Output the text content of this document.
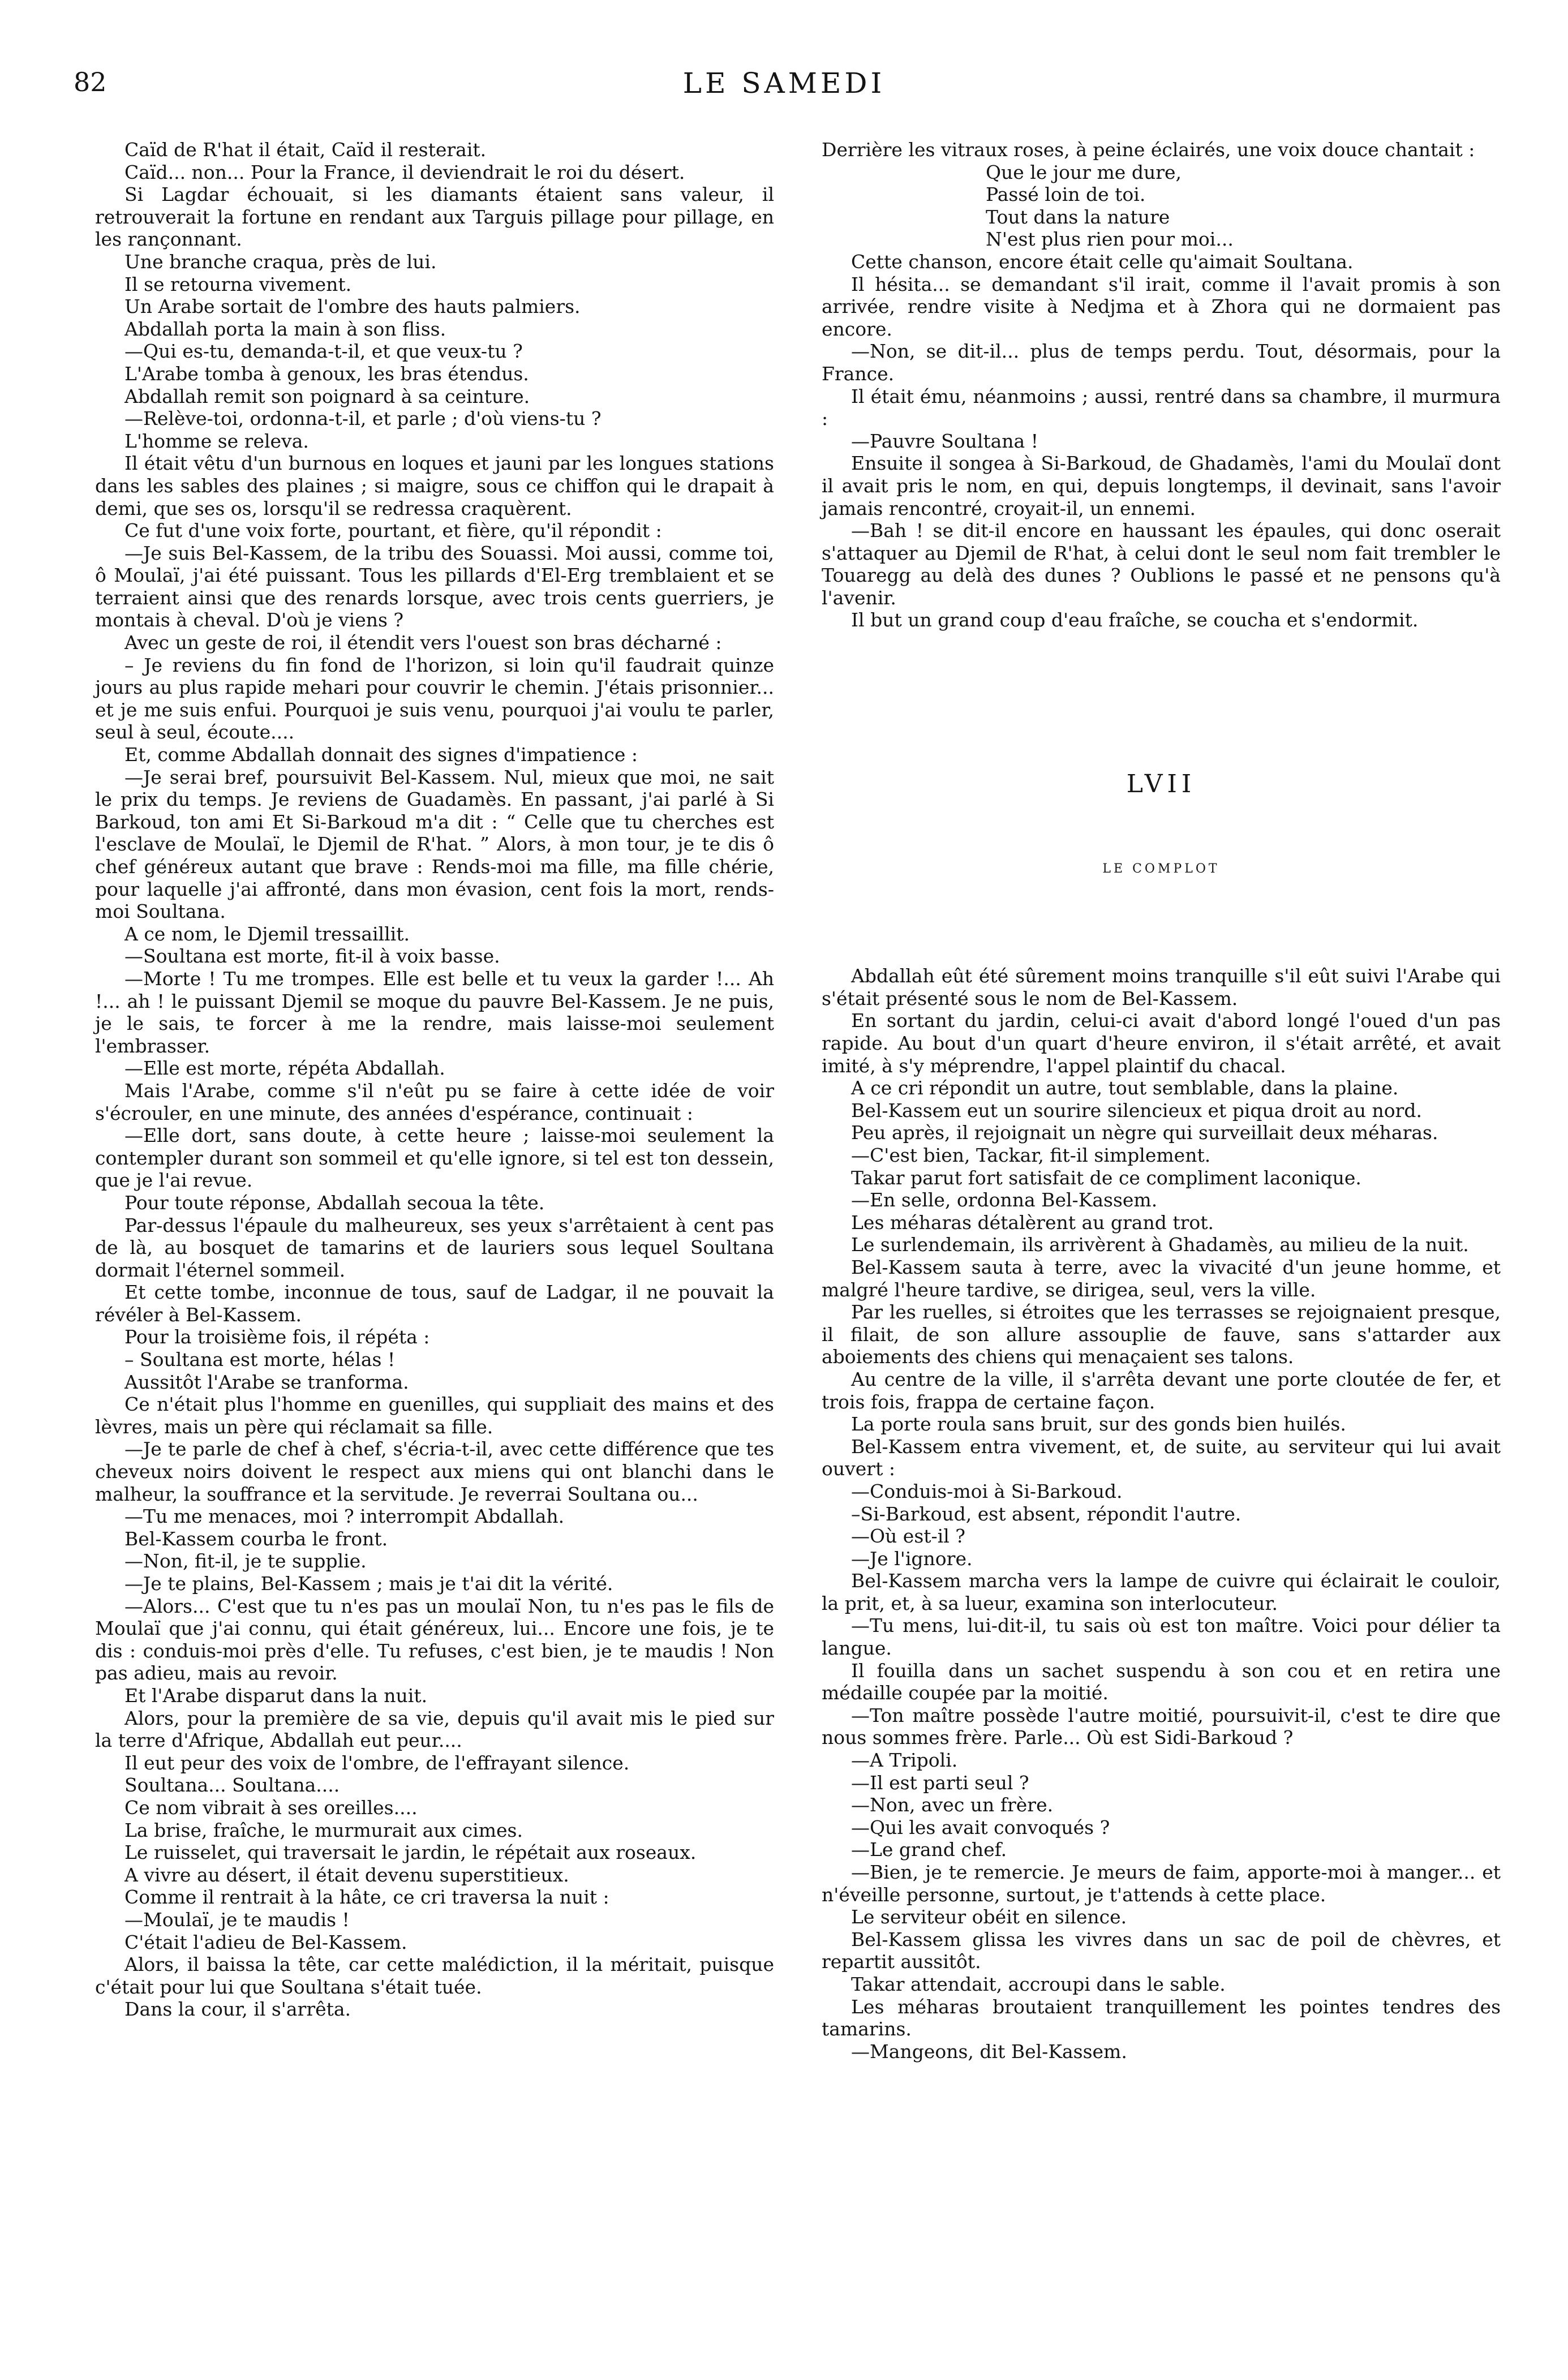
82	LE SAMEDI

Caïd de R'hat il était, Caïd il resterait.

Caïd... non... Pour la France, il deviendrait le roi du désert.

Si Lagdar échouait, si les diamants étaient sans valeur, il retrouverait la fortune en rendant aux Targuis pillage pour pillage, en les rançonnant.

Une branche craqua, près de lui.

Il se retourna vivement.

Un Arabe sortait de l'ombre des hauts palmiers.

Abdallah porta la main à son fliss.

—Qui es-tu, demanda-t-il, et que veux-tu ?

L'Arabe tomba à genoux, les bras étendus.

Abdallah remit son poignard à sa ceinture.

—Relève-toi, ordonna-t-il, et parle ; d'où viens-tu ?

L'homme se releva.

Il était vêtu d'un burnous en loques et jauni par les longues stations dans les sables des plaines ; si maigre, sous ce chiffon qui le drapait à demi, que ses os, lorsqu'il se redressa craquèrent.

Ce fut d'une voix forte, pourtant, et fière, qu'il répondit :

—Je suis Bel-Kassem, de la tribu des Souassi. Moi aussi, comme toi, ô Moulaï, j'ai été puissant. Tous les pillards d'El-Erg tremblaient et se terraient ainsi que des renards lorsque, avec trois cents guerriers, je montais à cheval. D'où je viens ?

Avec un geste de roi, il étendit vers l'ouest son bras décharné :

– Je reviens du fin fond de l'horizon, si loin qu'il faudrait quinze jours au plus rapide mehari pour couvrir le chemin. J'étais prisonnier... et je me suis enfui. Pourquoi je suis venu, pourquoi j'ai voulu te parler, seul à seul, écoute....

Et, comme Abdallah donnait des signes d'impatience :

—Je serai bref, poursuivit Bel-Kassem. Nul, mieux que moi, ne sait le prix du temps. Je reviens de Guadamès. En passant, j'ai parlé à Si Barkoud, ton ami Et Si-Barkoud m'a dit : “ Celle que tu cherches est l'esclave de Moulaï, le Djemil de R'hat. ” Alors, à mon tour, je te dis ô chef généreux autant que brave : Rends-moi ma fille, ma fille chérie, pour laquelle j'ai affronté, dans mon évasion, cent fois la mort, rends-moi Soultana.

A ce nom, le Djemil tressaillit.

—Soultana est morte, fit-il à voix basse.

—Morte ! Tu me trompes. Elle est belle et tu veux la garder !... Ah !... ah ! le puissant Djemil se moque du pauvre Bel-Kassem. Je ne puis, je le sais, te forcer à me la rendre, mais laisse-moi seulement l'embrasser.

—Elle est morte, répéta Abdallah.

Mais l'Arabe, comme s'il n'eût pu se faire à cette idée de voir s'écrouler, en une minute, des années d'espérance, continuait :

—Elle dort, sans doute, à cette heure ; laisse-moi seulement la contempler durant son sommeil et qu'elle ignore, si tel est ton dessein, que je l'ai revue.

Pour toute réponse, Abdallah secoua la tête.

Par-dessus l'épaule du malheureux, ses yeux s'arrêtaient à cent pas de là, au bosquet de tamarins et de lauriers sous lequel Soultana dormait l'éternel sommeil.

Et cette tombe, inconnue de tous, sauf de Ladgar, il ne pouvait la révéler à Bel-Kassem.

Pour la troisième fois, il répéta :

– Soultana est morte, hélas !

Aussitôt l'Arabe se tranforma.

Ce n'était plus l'homme en guenilles, qui suppliait des mains et des lèvres, mais un père qui réclamait sa fille.

—Je te parle de chef à chef, s'écria-t-il, avec cette différence que tes cheveux noirs doivent le respect aux miens qui ont blanchi dans le malheur, la souffrance et la servitude. Je reverrai Soultana ou...

—Tu me menaces, moi ? interrompit Abdallah.

Bel-Kassem courba le front.

—Non, fit-il, je te supplie.

—Je te plains, Bel-Kassem ; mais je t'ai dit la vérité.

—Alors... C'est que tu n'es pas un moulaï Non, tu n'es pas le fils de Moulaï que j'ai connu, qui était généreux, lui... Encore une fois, je te dis : conduis-moi près d'elle. Tu refuses, c'est bien, je te maudis ! Non pas adieu, mais au revoir.

Et l'Arabe disparut dans la nuit.

Alors, pour la première de sa vie, depuis qu'il avait mis le pied sur la terre d'Afrique, Abdallah eut peur....

Il eut peur des voix de l'ombre, de l'effrayant silence.

Soultana... Soultana....

Ce nom vibrait à ses oreilles....

La brise, fraîche, le murmurait aux cimes.

Le ruisselet, qui traversait le jardin, le répétait aux roseaux.

A vivre au désert, il était devenu superstitieux.

Comme il rentrait à la hâte, ce cri traversa la nuit :

—Moulaï, je te maudis !

C'était l'adieu de Bel-Kassem.

Alors, il baissa la tête, car cette malédiction, il la méritait, puisque c'était pour lui que Soultana s'était tuée.

Dans la cour, il s'arrêta.

Derrière les vitraux roses, à peine éclairés, une voix douce chantait :

Que le jour me dure,
Passé loin de toi.
Tout dans la nature
N'est plus rien pour moi...

Cette chanson, encore était celle qu'aimait Soultana.

Il hésita... se demandant s'il irait, comme il l'avait promis à son arrivée, rendre visite à Nedjma et à Zhora qui ne dormaient pas encore.

—Non, se dit-il... plus de temps perdu. Tout, désormais, pour la France.

Il était ému, néanmoins ; aussi, rentré dans sa chambre, il murmura :

—Pauvre Soultana !

Ensuite il songea à Si-Barkoud, de Ghadamès, l'ami du Moulaï dont il avait pris le nom, en qui, depuis longtemps, il devinait, sans l'avoir jamais rencontré, croyait-il, un ennemi.

—Bah ! se dit-il encore en haussant les épaules, qui donc oserait s'attaquer au Djemil de R'hat, à celui dont le seul nom fait trembler le Touaregg au delà des dunes ? Oublions le passé et ne pensons qu'à l'avenir.

Il but un grand coup d'eau fraîche, se coucha et s'endormit.

LVII
LE COMPLOT

Abdallah eût été sûrement moins tranquille s'il eût suivi l'Arabe qui s'était présenté sous le nom de Bel-Kassem.

En sortant du jardin, celui-ci avait d'abord longé l'oued d'un pas rapide. Au bout d'un quart d'heure environ, il s'était arrêté, et avait imité, à s'y méprendre, l'appel plaintif du chacal.

A ce cri répondit un autre, tout semblable, dans la plaine.

Bel-Kassem eut un sourire silencieux et piqua droit au nord.

Peu après, il rejoignait un nègre qui surveillait deux méharas.

—C'est bien, Tackar, fit-il simplement.

Takar parut fort satisfait de ce compliment laconique.

—En selle, ordonna Bel-Kassem.

Les méharas détalèrent au grand trot.

Le surlendemain, ils arrivèrent à Ghadamès, au milieu de la nuit.

Bel-Kassem sauta à terre, avec la vivacité d'un jeune homme, et malgré l'heure tardive, se dirigea, seul, vers la ville.

Par les ruelles, si étroites que les terrasses se rejoignaient presque, il filait, de son allure assouplie de fauve, sans s'attarder aux aboiements des chiens qui menaçaient ses talons.

Au centre de la ville, il s'arrêta devant une porte cloutée de fer, et trois fois, frappa de certaine façon.

La porte roula sans bruit, sur des gonds bien huilés.

Bel-Kassem entra vivement, et, de suite, au serviteur qui lui avait ouvert :

—Conduis-moi à Si-Barkoud.

–Si-Barkoud, est absent, répondit l'autre.

—Où est-il ?

—Je l'ignore.

Bel-Kassem marcha vers la lampe de cuivre qui éclairait le couloir, la prit, et, à sa lueur, examina son interlocuteur.

—Tu mens, lui-dit-il, tu sais où est ton maître. Voici pour délier ta langue.

Il fouilla dans un sachet suspendu à son cou et en retira une médaille coupée par la moitié.

—Ton maître possède l'autre moitié, poursuivit-il, c'est te dire que nous sommes frère. Parle... Où est Sidi-Barkoud ?

—A Tripoli.

—Il est parti seul ?

—Non, avec un frère.

—Qui les avait convoqués ?

—Le grand chef.

—Bien, je te remercie. Je meurs de faim, apporte-moi à manger... et n'éveille personne, surtout, je t'attends à cette place.

Le serviteur obéit en silence.

Bel-Kassem glissa les vivres dans un sac de poil de chèvres, et repartit aussitôt.

Takar attendait, accroupi dans le sable.

Les méharas broutaient tranquillement les pointes tendres des tamarins.

—Mangeons, dit Bel-Kassem.
